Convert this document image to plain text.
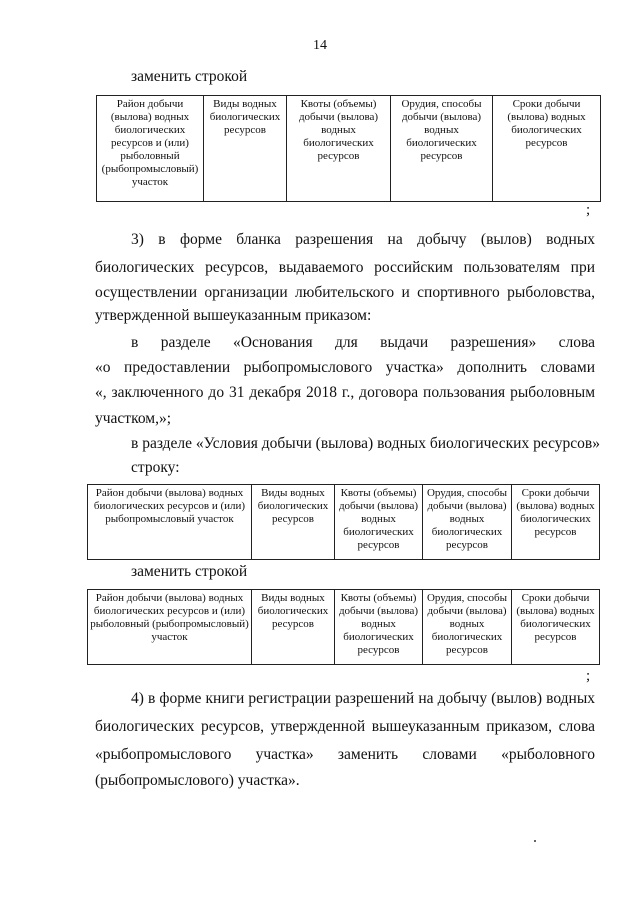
14
заменить строкой
Район добычи (вылова) водных биологических ресурсов и (или) рыболовный (рыбопромысловый) участок	Виды водных биологических ресурсов	Квоты (объемы) добычи (вылова) водных биологических ресурсов	Орудия, способы добычи (вылова) водных биологических ресурсов	Сроки добычи (вылова) водных биологических ресурсов
;
3) в форме бланка разрешения на добычу (вылов) водных
биологических ресурсов, выдаваемого российским пользователям при
осуществлении организации любительского и спортивного рыболовства,
утвержденной вышеуказанным приказом:
в разделе «Основания для выдачи разрешения» слова
«о предоставлении рыбопромыслового участка» дополнить словами
«, заключенного до 31 декабря 2018 г., договора пользования рыболовным
участком,»;
в разделе «Условия добычи (вылова) водных биологических ресурсов»
строку:
Район добычи (вылова) водных биологических ресурсов и (или) рыбопромысловый участок	Виды водных биологических ресурсов	Квоты (объемы) добычи (вылова) водных биологических ресурсов	Орудия, способы добычи (вылова) водных биологических ресурсов	Сроки добычи (вылова) водных биологических ресурсов
заменить строкой
Район добычи (вылова) водных биологических ресурсов и (или) рыболовный (рыбопромысловый) участок	Виды водных биологических ресурсов	Квоты (объемы) добычи (вылова) водных биологических ресурсов	Орудия, способы добычи (вылова) водных биологических ресурсов	Сроки добычи (вылова) водных биологических ресурсов
;
4) в форме книги регистрации разрешений на добычу (вылов) водных
биологических ресурсов, утвержденной вышеуказанным приказом, слова
«рыбопромыслового участка» заменить словами «рыболовного
(рыбопромыслового) участка».
